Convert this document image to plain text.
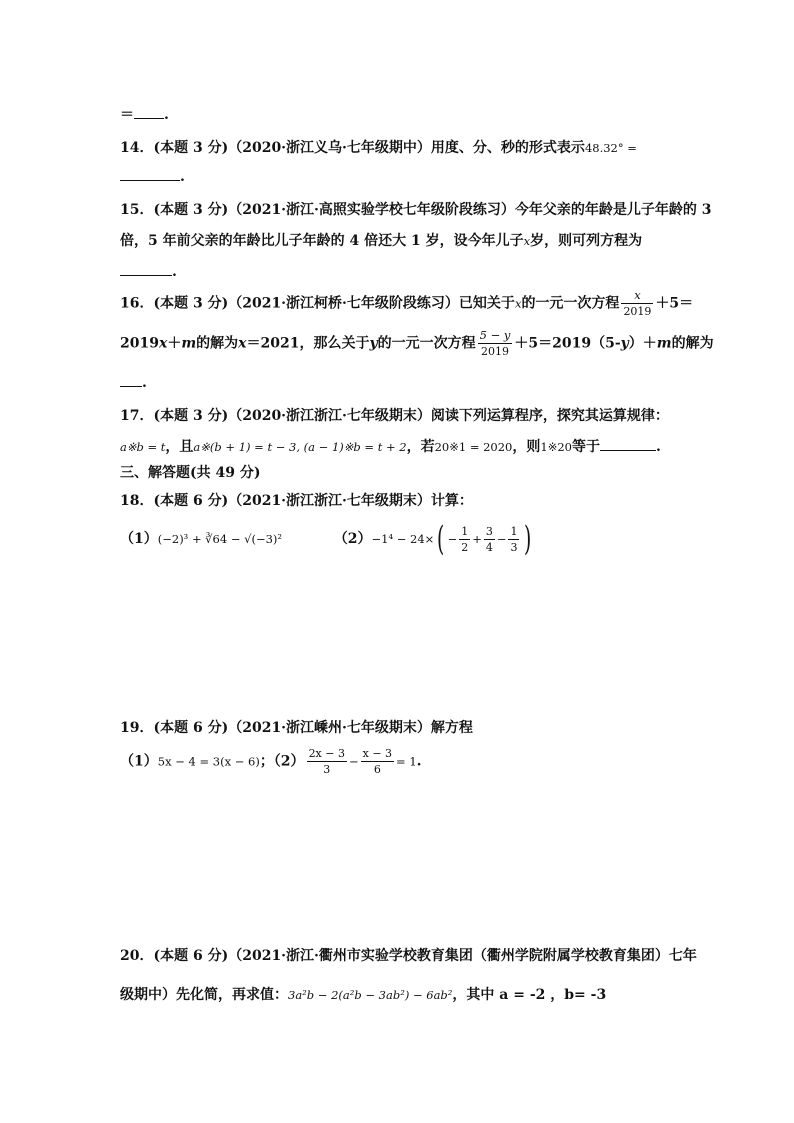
＝ .
14．(本题 3 分)（2020·浙江义乌·七年级期中）用度、分、秒的形式表示48.32° =
.
15．(本题 3 分)（2021·浙江·高照实验学校七年级阶段练习）今年父亲的年龄是儿子年龄的 3
倍，5 年前父亲的年龄比儿子年龄的 4 倍还大 1 岁，设今年儿子x岁，则可列方程为
.
16．(本题 3 分)（2021·浙江柯桥·七年级阶段练习）已知关于x的一元一次方程 $\frac{x}{2019} +5=$
2019x＋m的解为x＝2021，那么关于y的一元一次方程 $\frac{5 - y}{2019} +5=2019(5-y)+m$的解为
.
17．(本题 3 分)（2020·浙江浙江·七年级期末）阅读下列运算程序，探究其运算规律：
a※b = t，且a※(b + 1) = t − 3, (a − 1)※b = t + 2，若20※1 = 2020，则1※20等于	.
三、解答题(共 49 分)
18．(本题 6 分)（2021·浙江浙江·七年级期末）计算：
（1）(−2)³ + ∛64 − √(−3)²	$(2)-1^4 - 24\times( - \frac{1}{2} + \frac{3}{4} - \frac{1}{3}$ )
19．(本题 6 分)（2021·浙江嵊州·七年级期末）解方程
（1）5x − 4 = 3(x − 6)；$(2) \frac{2x - 3}{3} - \frac{x - 3}{6} = 1$.
20．(本题 6 分)（2021·浙江·衢州市实验学校教育集团（衢州学院附属学校教育集团）七年
级期中）先化简，再求值：3a²b − 2(a²b − 3ab²) − 6ab²，其中 a = -2 ，b= -3
